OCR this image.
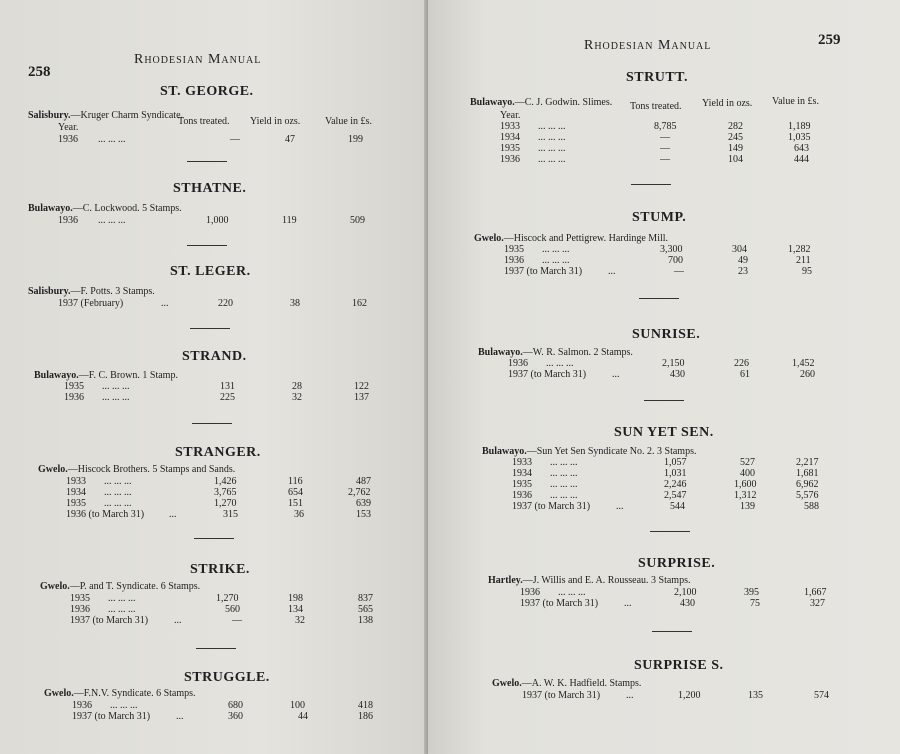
258
Rhodesian Manual
ST. GEORGE.
Salisbury.—Kruger Charm Syndicate.
Year.
Tons treated. Yield in ozs. Value in £s.
1936 ... ... ...	—	47	199
STHATNE.
Bulawayo.—C. Lockwood. 5 Stamps.
1936 ... ... ...	1,000	119	509
ST. LEGER.
Salisbury.—F. Potts. 3 Stamps.
1937 (February)	...	220	38	162
STRAND.
Bulawayo.—F. C. Brown. 1 Stamp.
1935 ... ... ...	131	28	122
1936 ... ... ...	225	32	137
STRANGER.
Gwelo.—Hiscock Brothers. 5 Stamps and Sands.
1933 ... ... ...	1,426	116	487
1934 ... ... ...	3,765	654	2,762
1935 ... ... ...	1,270	151	639
1936 (to March 31) ...	315	36	153
STRIKE.
Gwelo.—P. and T. Syndicate. 6 Stamps.
1935 ... ... ...	1,270	198	837
1936 ... ... ...	560	134	565
1937 (to March 31)	...	—	32	138
STRUGGLE.
Gwelo.—F.N.V. Syndicate. 6 Stamps.
1936 ... ... ...	680	100	418
1937 (to March 31)	...	360	44	186
Rhodesian Manual	259
STRUTT.
Bulawayo.—C. J. Godwin. Slimes.
Year.
Tons treated. Yield in ozs. Value in £s.
1933 ... ... ...	8,785	282	1,189
1934 ... ... ...	—	245	1,035
1935 ... ... ...	—	149	643
1936 ... ... ...	—	104	444
STUMP.
Gwelo.—Hiscock and Pettigrew. Hardinge Mill.
1935 ... ... ...	3,300	304	1,282
1936 ... ... ...	700	49	211
1937 (to March 31)	...	—	23	95
SUNRISE.
Bulawayo.—W. R. Salmon. 2 Stamps.
1936 ... ... ...	2,150	226	1,452
1937 (to March 31)	...	430	61	260
SUN YET SEN.
Bulawayo.—Sun Yet Sen Syndicate No. 2. 3 Stamps.
1933 ... ... ...	1,057	527	2,217
1934 ... ... ...	1,031	400	1,681
1935 ... ... ...	2,246	1,600	6,962
1936 ... ... ...	2,547	1,312	5,576
1937 (to March 31)	...	544	139	588
SURPRISE.
Hartley.—J. Willis and E. A. Rousseau. 3 Stamps.
1936 ... ... ...	2,100	395	1,667
1937 (to March 31)	...	430	75	327
SURPRISE S.
Gwelo.—A. W. K. Hadfield. Stamps.
1937 (to March 31)	...	1,200	135	574
